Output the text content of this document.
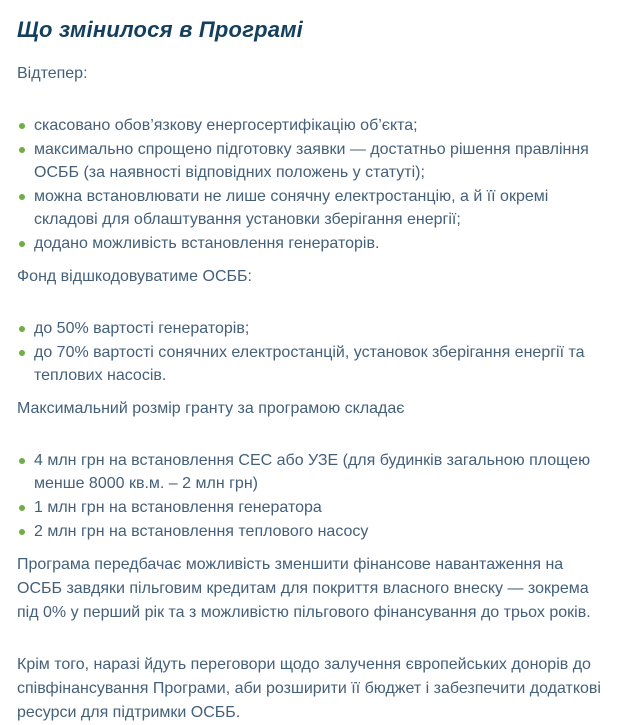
Що змінилося в Програмі

Відтепер:

скасовано обов’язкову енергосертифікацію об’єкта;
максимально спрощено підготовку заявки — достатньо рішення правління ОСББ (за наявності відповідних положень у статуті);
можна встановлювати не лише сонячну електростанцію, а й її окремі складові для облаштування установки зберігання енергії;
додано можливість встановлення генераторів.

Фонд відшкодовуватиме ОСББ:

до 50% вартості генераторів;
до 70% вартості сонячних електростанцій, установок зберігання енергії та теплових насосів.

Максимальний розмір гранту за програмою складає

4 млн грн на встановлення СЕС або УЗЕ (для будинків загальною площею менше 8000 кв.м. – 2 млн грн)
1 млн грн на встановлення генератора
2 млн грн на встановлення теплового насосу

Програма передбачає можливість зменшити фінансове навантаження на ОСББ завдяки пільговим кредитам для покриття власного внеску — зокрема під 0% у перший рік та з можливістю пільгового фінансування до трьох років.

Крім того, наразі йдуть переговори щодо залучення європейських донорів до співфінансування Програми, аби розширити її бюджет і забезпечити додаткові ресурси для підтримки ОСББ.
